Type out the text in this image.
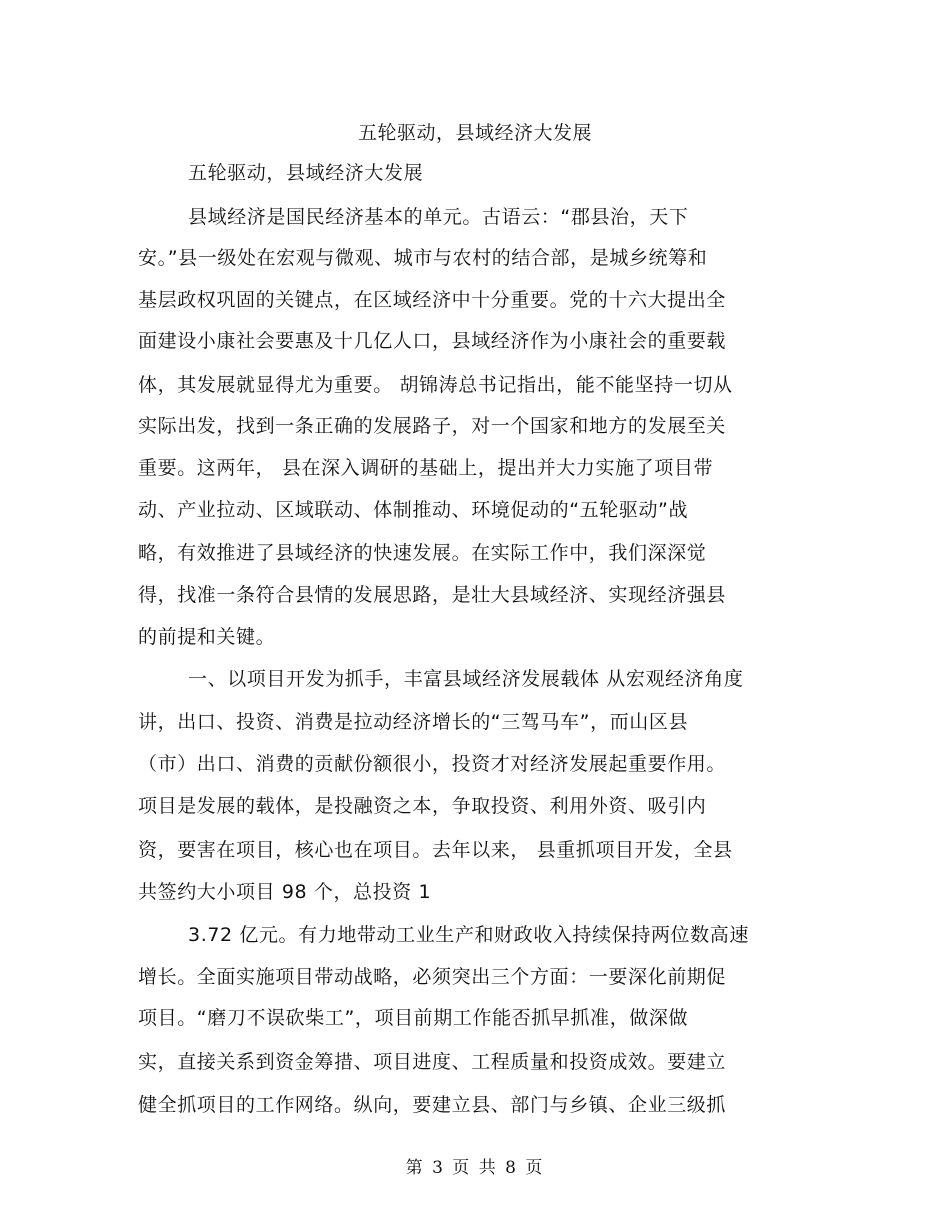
五轮驱动，县域经济大发展
五轮驱动，县域经济大发展
县域经济是国民经济基本的单元。古语云：“郡县治，天下
安。”县一级处在宏观与微观、城市与农村的结合部，是城乡统筹和
基层政权巩固的关键点，在区域经济中十分重要。党的十六大提出全
面建设小康社会要惠及十几亿人口，县域经济作为小康社会的重要载
体，其发展就显得尤为重要。 胡锦涛总书记指出，能不能坚持一切从
实际出发，找到一条正确的发展路子，对一个国家和地方的发展至关
重要。这两年， 县在深入调研的基础上，提出并大力实施了项目带
动、产业拉动、区域联动、体制推动、环境促动的“五轮驱动”战
略，有效推进了县域经济的快速发展。在实际工作中，我们深深觉
得，找准一条符合县情的发展思路，是壮大县域经济、实现经济强县
的前提和关键。
一、以项目开发为抓手，丰富县域经济发展载体 从宏观经济角度
讲，出口、投资、消费是拉动经济增长的“三驾马车”，而山区县
（市）出口、消费的贡献份额很小，投资才对经济发展起重要作用。
项目是发展的载体，是投融资之本，争取投资、利用外资、吸引内
资，要害在项目，核心也在项目。去年以来， 县重抓项目开发，全县
共签约大小项目 98 个，总投资 1
3.72 亿元。有力地带动工业生产和财政收入持续保持两位数高速
增长。全面实施项目带动战略，必须突出三个方面：一要深化前期促
项目。“磨刀不误砍柴工”，项目前期工作能否抓早抓准，做深做
实，直接关系到资金筹措、项目进度、工程质量和投资成效。要建立
健全抓项目的工作网络。纵向，要建立县、部门与乡镇、企业三级抓
第 3 页 共 8 页
